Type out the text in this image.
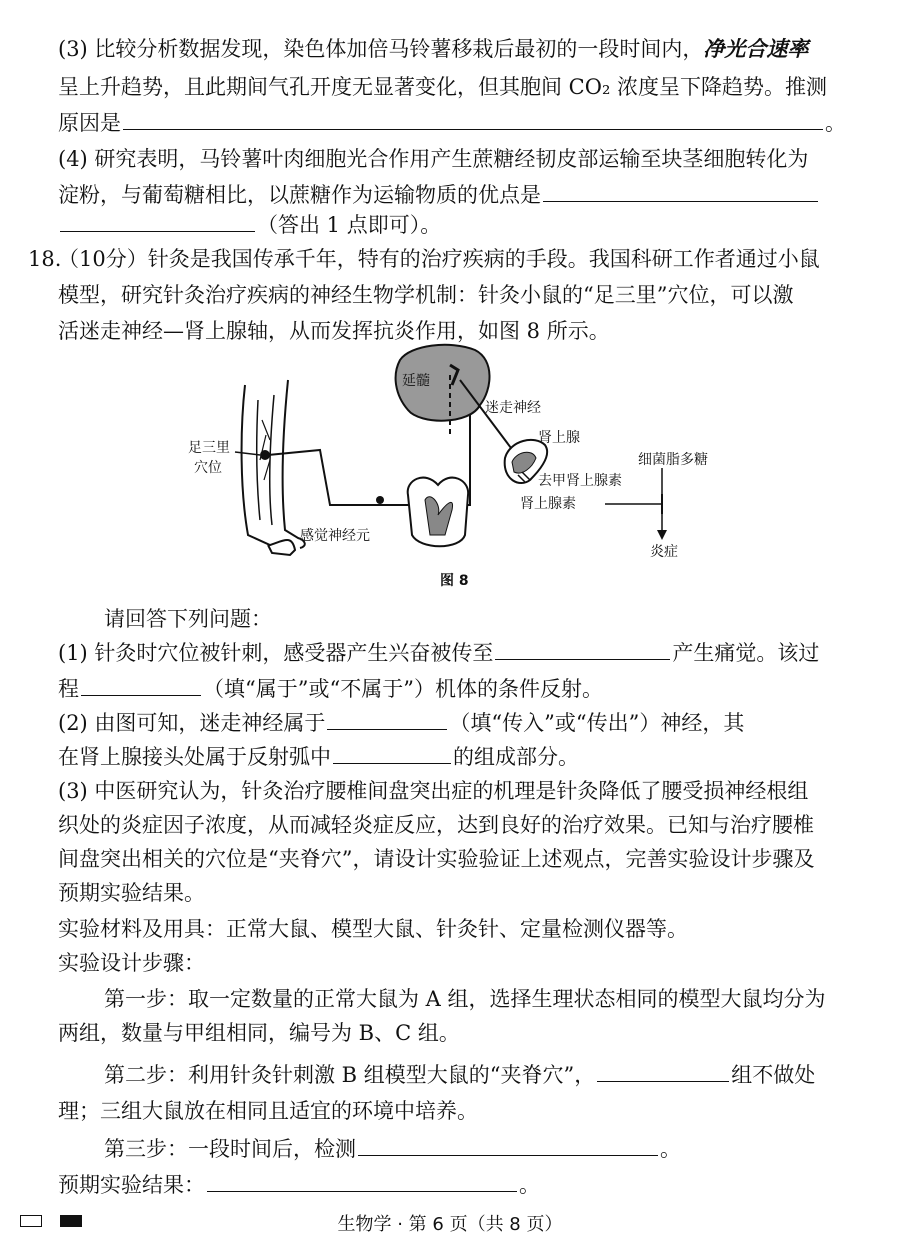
(3) 比较分析数据发现，染色体加倍马铃薯移栽后最初的一段时间内，净光合速率
呈上升趋势，且此期间气孔开度无显著变化，但其胞间 CO₂ 浓度呈下降趋势。推测
原因是	。
(4) 研究表明，马铃薯叶肉细胞光合作用产生蔗糖经韧皮部运输至块茎细胞转化为
淀粉，与葡萄糖相比，以蔗糖作为运输物质的优点是
（答出 1 点即可）。
18.
（10分）针灸是我国传承千年，特有的治疗疾病的手段。我国科研工作者通过小鼠
模型，研究针灸治疗疾病的神经生物学机制：针灸小鼠的“足三里”穴位，可以激
活迷走神经—肾上腺轴，从而发挥抗炎作用，如图 8 所示。
足三里
穴位
感觉神经元
延髓
迷走神经
肾上腺
去甲肾上腺素
肾上腺素
细菌脂多糖
炎症
图 8
请回答下列问题：
(1) 针灸时穴位被针刺，感受器产生兴奋被传至	产生痛觉。该过
程	（填“属于”或“不属于”）机体的条件反射。
(2) 由图可知，迷走神经属于	（填“传入”或“传出”）神经，其
在肾上腺接头处属于反射弧中	的组成部分。
(3) 中医研究认为，针灸治疗腰椎间盘突出症的机理是针灸降低了腰受损神经根组
织处的炎症因子浓度，从而减轻炎症反应，达到良好的治疗效果。已知与治疗腰椎
间盘突出相关的穴位是“夹脊穴”，请设计实验验证上述观点，完善实验设计步骤及
预期实验结果。
实验材料及用具：正常大鼠、模型大鼠、针灸针、定量检测仪器等。
实验设计步骤：
第一步：取一定数量的正常大鼠为 A 组，选择生理状态相同的模型大鼠均分为
两组，数量与甲组相同，编号为 B、C 组。
第二步：利用针灸针刺激 B 组模型大鼠的“夹脊穴”，	组不做处
理；三组大鼠放在相同且适宜的环境中培养。
第三步：一段时间后，检测	。
预期实验结果：	。
生物学 · 第 6 页（共 8 页）
